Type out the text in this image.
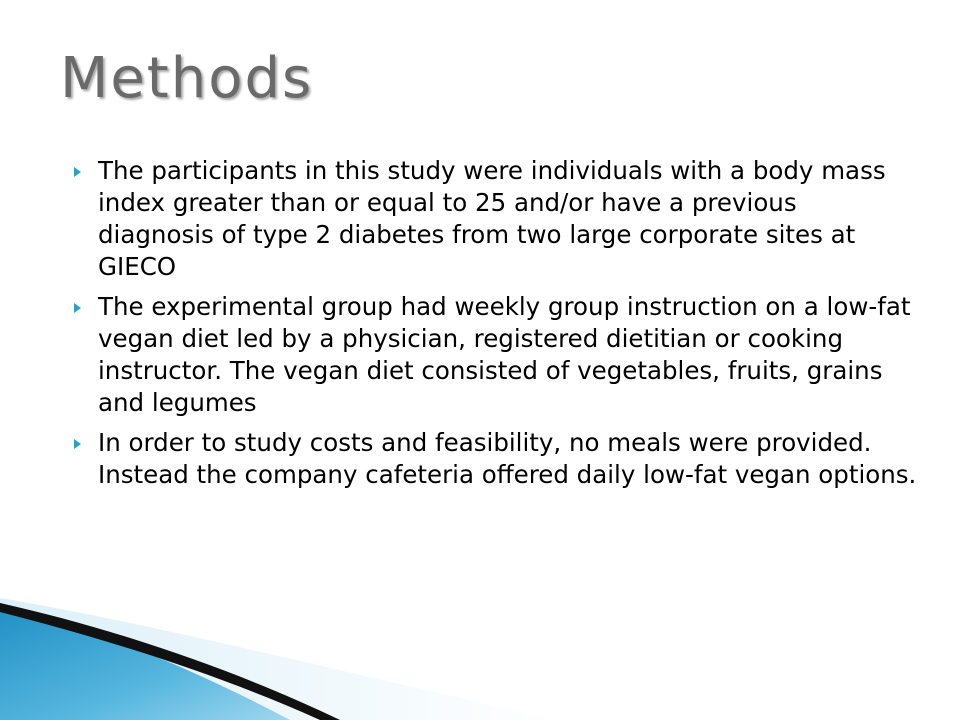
Methods
The participants in this study were individuals with a body mass index greater than or equal to 25 and/or have a previous diagnosis of type 2 diabetes from two large corporate sites at GIECO
The experimental group had weekly group instruction on a low-fat vegan diet led by a physician, registered dietitian or cooking instructor. The vegan diet consisted of vegetables, fruits, grains and legumes
In order to study costs and feasibility, no meals were provided. Instead the company cafeteria offered daily low-fat vegan options.
